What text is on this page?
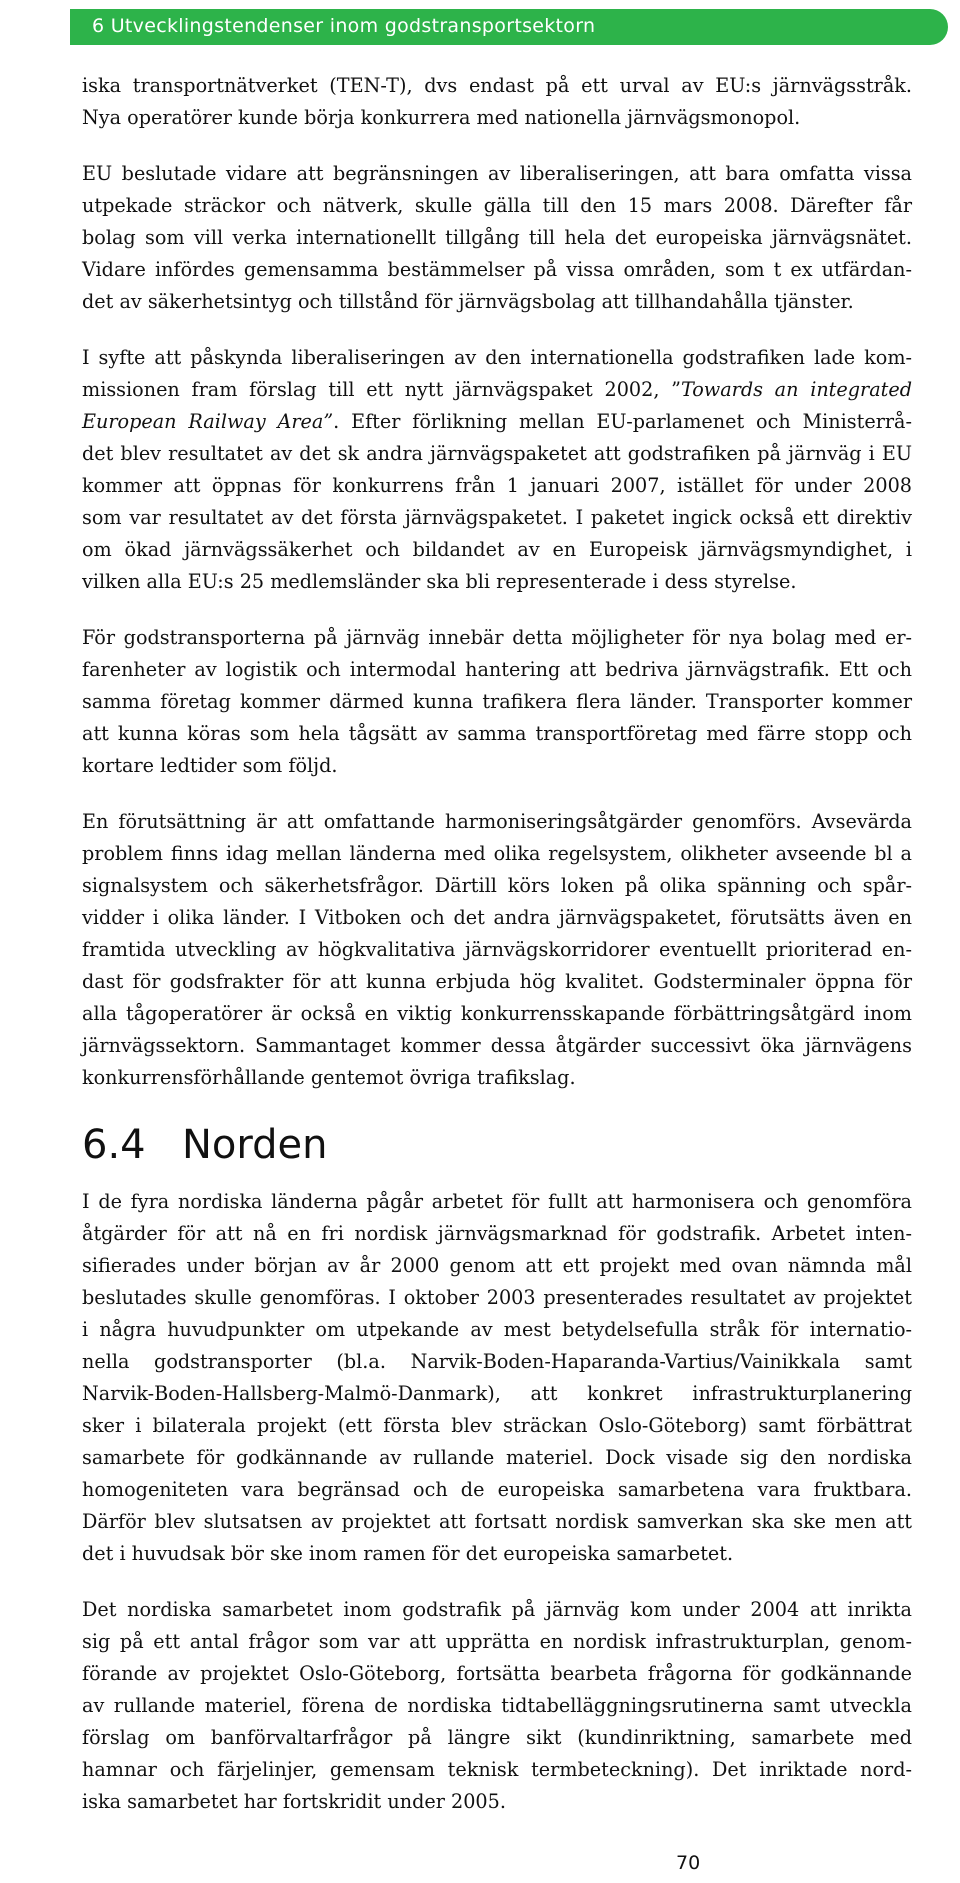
6 Utvecklingstendenser inom godstransportsektorn

iska transportnätverket (TEN-T), dvs endast på ett urval av EU:s järnvägsstråk.
Nya operatörer kunde börja konkurrera med nationella järnvägsmonopol.

EU beslutade vidare att begränsningen av liberaliseringen, att bara omfatta vissa
utpekade sträckor och nätverk, skulle gälla till den 15 mars 2008. Därefter får
bolag som vill verka internationellt tillgång till hela det europeiska järnvägsnätet.
Vidare infördes gemensamma bestämmelser på vissa områden, som t ex utfärdan-
det av säkerhetsintyg och tillstånd för järnvägsbolag att tillhandahålla tjänster.

I syfte att påskynda liberaliseringen av den internationella godstrafiken lade kom-
missionen fram förslag till ett nytt järnvägspaket 2002, ”Towards an integrated
European Railway Area”. Efter förlikning mellan EU-parlamenet och Ministerrå-
det blev resultatet av det sk andra järnvägspaketet att godstrafiken på järnväg i EU
kommer att öppnas för konkurrens från 1 januari 2007, istället för under 2008
som var resultatet av det första järnvägspaketet. I paketet ingick också ett direktiv
om ökad järnvägssäkerhet och bildandet av en Europeisk järnvägsmyndighet, i
vilken alla EU:s 25 medlemsländer ska bli representerade i dess styrelse.

För godstransporterna på järnväg innebär detta möjligheter för nya bolag med er-
farenheter av logistik och intermodal hantering att bedriva järnvägstrafik. Ett och
samma företag kommer därmed kunna trafikera flera länder. Transporter kommer
att kunna köras som hela tågsätt av samma transportföretag med färre stopp och
kortare ledtider som följd.

En förutsättning är att omfattande harmoniseringsåtgärder genomförs. Avsevärda
problem finns idag mellan länderna med olika regelsystem, olikheter avseende bl a
signalsystem och säkerhetsfrågor. Därtill körs loken på olika spänning och spår-
vidder i olika länder. I Vitboken och det andra järnvägspaketet, förutsätts även en
framtida utveckling av högkvalitativa järnvägskorridorer eventuellt prioriterad en-
dast för godsfrakter för att kunna erbjuda hög kvalitet. Godsterminaler öppna för
alla tågoperatörer är också en viktig konkurrensskapande förbättringsåtgärd inom
järnvägssektorn. Sammantaget kommer dessa åtgärder successivt öka järnvägens
konkurrensförhållande gentemot övriga trafikslag.

6.4 Norden

I de fyra nordiska länderna pågår arbetet för fullt att harmonisera och genomföra
åtgärder för att nå en fri nordisk järnvägsmarknad för godstrafik. Arbetet inten-
sifierades under början av år 2000 genom att ett projekt med ovan nämnda mål
beslutades skulle genomföras. I oktober 2003 presenterades resultatet av projektet
i några huvudpunkter om utpekande av mest betydelsefulla stråk för internatio-
nella godstransporter (bl.a. Narvik-Boden-Haparanda-Vartius/Vainikkala samt
Narvik-Boden-Hallsberg-Malmö-Danmark), att konkret infrastrukturplanering
sker i bilaterala projekt (ett första blev sträckan Oslo-Göteborg) samt förbättrat
samarbete för godkännande av rullande materiel. Dock visade sig den nordiska
homogeniteten vara begränsad och de europeiska samarbetena vara fruktbara.
Därför blev slutsatsen av projektet att fortsatt nordisk samverkan ska ske men att
det i huvudsak bör ske inom ramen för det europeiska samarbetet.

Det nordiska samarbetet inom godstrafik på järnväg kom under 2004 att inrikta
sig på ett antal frågor som var att upprätta en nordisk infrastrukturplan, genom-
förande av projektet Oslo-Göteborg, fortsätta bearbeta frågorna för godkännande
av rullande materiel, förena de nordiska tidtabelläggningsrutinerna samt utveckla
förslag om banförvaltarfrågor på längre sikt (kundinriktning, samarbete med
hamnar och färjelinjer, gemensam teknisk termbeteckning). Det inriktade nord-
iska samarbetet har fortskridit under 2005.

70
